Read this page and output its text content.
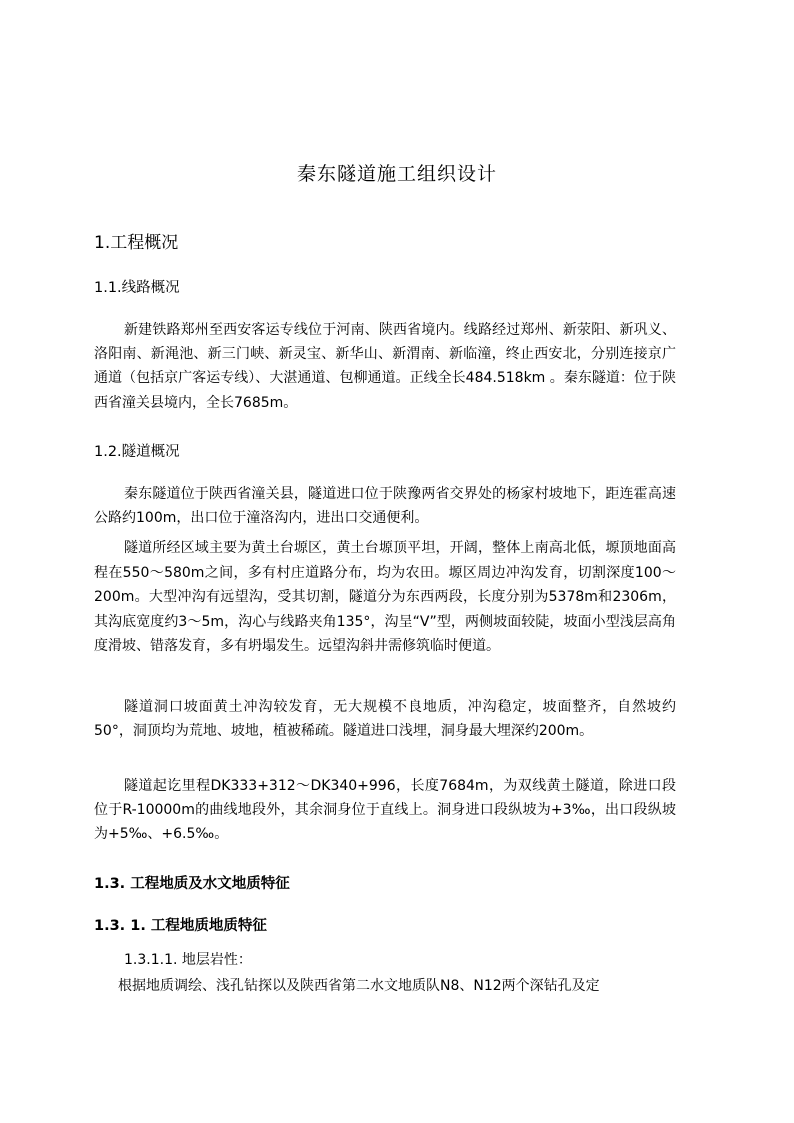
秦东隧道施工组织设计
1.工程概况
1.1.线路概况

新建铁路郑州至西安客运专线位于河南、陕西省境内。线路经过郑州、新荥阳、新巩义、洛阳南、新渑池、新三门峡、新灵宝、新华山、新渭南、新临潼，终止西安北，分别连接京广通道（包括京广客运专线）、大湛通道、包柳通道。正线全长484.518km 。秦东隧道：位于陕西省潼关县境内，全长7685m。

1.2.隧道概况

秦东隧道位于陕西省潼关县，隧道进口位于陕豫两省交界处的杨家村坡地下，距连霍高速公路约100m，出口位于潼洛沟内，进出口交通便利。

隧道所经区域主要为黄土台塬区，黄土台塬顶平坦，开阔，整体上南高北低，塬顶地面高程在550～580m之间，多有村庄道路分布，均为农田。塬区周边冲沟发育，切割深度100～200m。大型冲沟有远望沟，受其切割，隧道分为东西两段，长度分别为5378m和2306m，其沟底宽度约3～5m，沟心与线路夹角135°，沟呈“V”型，两侧坡面较陡，坡面小型浅层高角度滑坡、错落发育，多有坍塌发生。远望沟斜井需修筑临时便道。

隧道洞口坡面黄土冲沟较发育，无大规模不良地质，冲沟稳定，坡面整齐，自然坡约50°，洞顶均为荒地、坡地，植被稀疏。隧道进口浅埋，洞身最大埋深约200m。

隧道起讫里程DK333+312～DK340+996，长度7684m，为双线黄土隧道，除进口段位于R-10000m的曲线地段外，其余洞身位于直线上。洞身进口段纵坡为+3‰，出口段纵坡为+5‰、+6.5‰。

1.3. 工程地质及水文地质特征
1.3. 1. 工程地质地质特征
1.3.1.1. 地层岩性：

根据地质调绘、浅孔钻探以及陕西省第二水文地质队N8、N12两个深钻孔及定
